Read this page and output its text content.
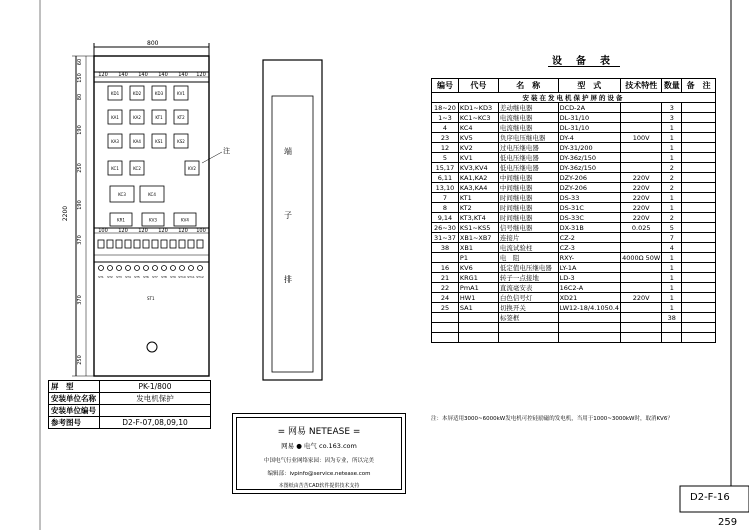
KD1	KD2	KD3	KV1
KA1	KA2	KT1	KT2
KA3	KA4	KS1	KS2
KC1	KC2	KV2
KC3	KC4
KR1	KV3	KV4
ST1 ST2 ST3 ST4 ST5 ST6 ST7 ST8 ST9 ST10 ST11 ST12
60
150
80
190
250
190
370
370
250
120 140 140 140 140 120
100 120 120 120 120 100
800
2200
注
ST1
端
子
排
屏　型	PK-1/800
安装单位名称	发电机保护
安装单位编号	
参考图号	D2-F-07,08,09,10
= 网易 NETEASE =
网易 ● 电气 co.163.com
中国电气行业网络家园：因为专业，所以完美
编辑部：ivpinfo@service.netease.com
本图纸由苦苦CAD软件提供技术支持
设　备　表
编号	代号	名　称	型　式	技术特性	数量	备　注
安装在发电机保护屏的设备						
18~20	KD1~KD3	差动继电器	DCD-2A		3	
1~3	KC1~KC3	电流继电器	DL-31/10		3	
4	KC4	电流继电器	DL-31/10		1	
23	KV5	负序电压继电器	DY-4	100V	1	
12	KV2	过电压继电器	DY-31/200		1	
5	KV1	低电压继电器	DY-36z/150		1	
15,17	KV3,KV4	低电压继电器	DY-36z/150		2	
6,11	KA1,KA2	中间继电器	DZY-206	220V	2	
13,10	KA3,KA4	中间继电器	DZY-206	220V	2	
7	KT1	时间继电器	DS-33	220V	1	
8	KT2	时间继电器	DS-31C	220V	1	
9,14	KT3,KT4	时间继电器	DS-33C	220V	2	
26~30	KS1~KS5	信号继电器	DX-31B	0.025	5	
31~37	XB1~XB7	连接片	CZ-2		7	
38	XB1	电流试验柱	CZ-3		4	
	P1	电　阻	RXY-	4000Ω 50W	1	
16	KV6	低定值电压继电器	LY-1A		1	
21	KRG1	转子一点接地	LD-3		1	
22	PmA1	直流毫安表	16C2-A		1	
24	HW1	白色信号灯	XD21	220V	1	
25	SA1	切换开关	LW12-18/4.1050.4		1	
		标签框			38	

注：本屏适用3000~6000kW发电机可控硅励磁的发电机，当用于1000~3000kW时，取消KV6？
D2-F-16
259
